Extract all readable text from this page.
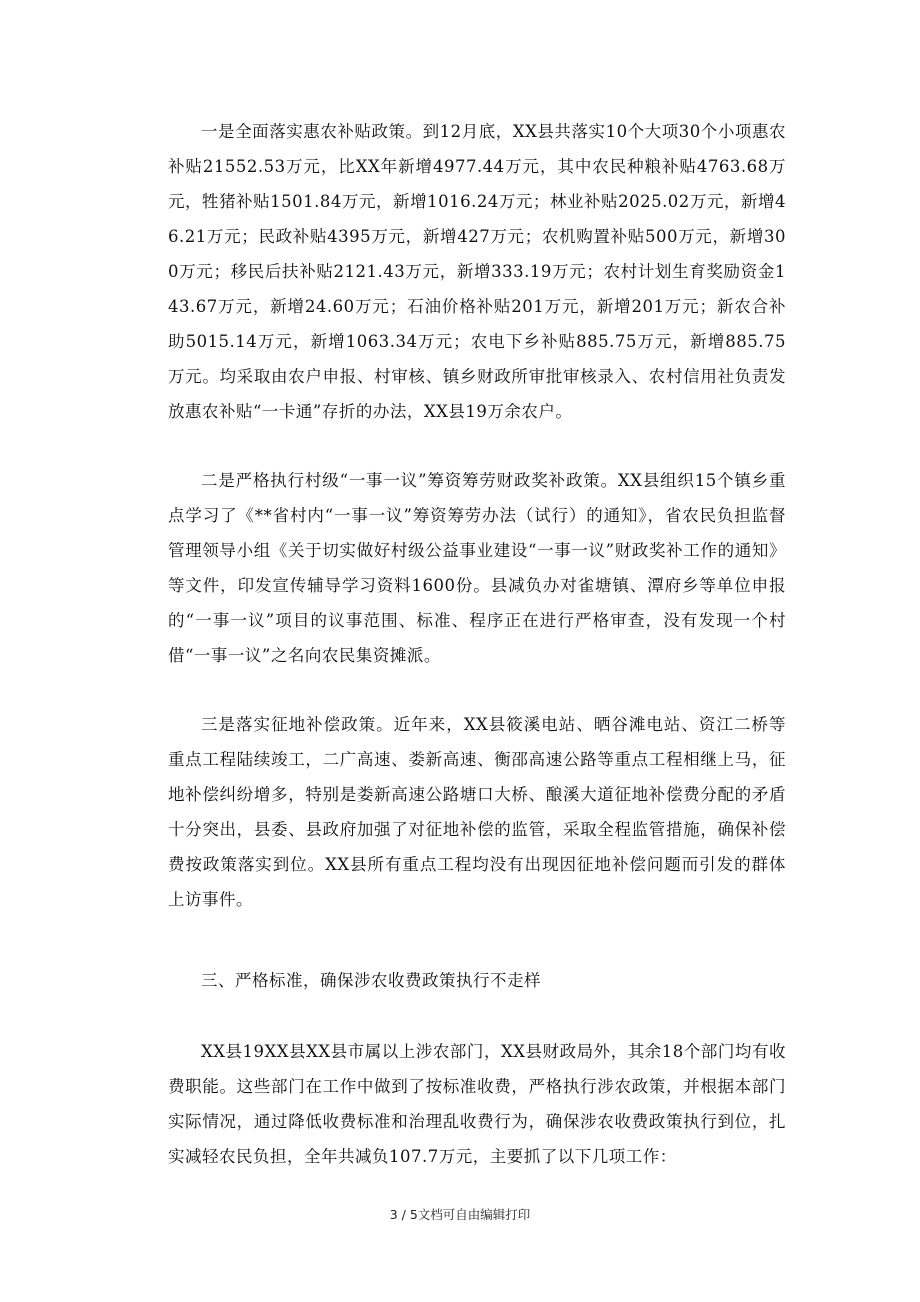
一是全面落实惠农补贴政策。到12月底，XX县共落实10个大项30个小项惠农补贴21552.53万元，比XX年新增4977.44万元，其中农民种粮补贴4763.68万元，牲猪补贴1501.84万元，新增1016.24万元；林业补贴2025.02万元，新增46.21万元；民政补贴4395万元，新增427万元；农机购置补贴500万元，新增300万元；移民后扶补贴2121.43万元，新增333.19万元；农村计划生育奖励资金143.67万元，新增24.60万元；石油价格补贴201万元，新增201万元；新农合补助5015.14万元，新增1063.34万元；农电下乡补贴885.75万元，新增885.75万元。均采取由农户申报、村审核、镇乡财政所审批审核录入、农村信用社负责发放惠农补贴“一卡通”存折的办法，XX县19万余农户。

二是严格执行村级“一事一议”筹资筹劳财政奖补政策。XX县组织15个镇乡重点学习了《**省村内“一事一议”筹资筹劳办法（试行）的通知》，省农民负担监督管理领导小组《关于切实做好村级公益事业建设“一事一议”财政奖补工作的通知》等文件，印发宣传辅导学习资料1600份。县减负办对雀塘镇、潭府乡等单位申报的“一事一议”项目的议事范围、标准、程序正在进行严格审查，没有发现一个村借“一事一议”之名向农民集资摊派。

三是落实征地补偿政策。近年来，XX县筱溪电站、晒谷滩电站、资江二桥等重点工程陆续竣工，二广高速、娄新高速、衡邵高速公路等重点工程相继上马，征地补偿纠纷增多，特别是娄新高速公路塘口大桥、酿溪大道征地补偿费分配的矛盾十分突出，县委、县政府加强了对征地补偿的监管，采取全程监管措施，确保补偿费按政策落实到位。XX县所有重点工程均没有出现因征地补偿问题而引发的群体上访事件。

三、严格标准，确保涉农收费政策执行不走样

XX县19XX县XX县市属以上涉农部门，XX县财政局外，其余18个部门均有收费职能。这些部门在工作中做到了按标准收费，严格执行涉农政策，并根据本部门实际情况，通过降低收费标准和治理乱收费行为，确保涉农收费政策执行到位，扎实减轻农民负担，全年共减负107.7万元，主要抓了以下几项工作：

3 / 5文档可自由编辑打印
